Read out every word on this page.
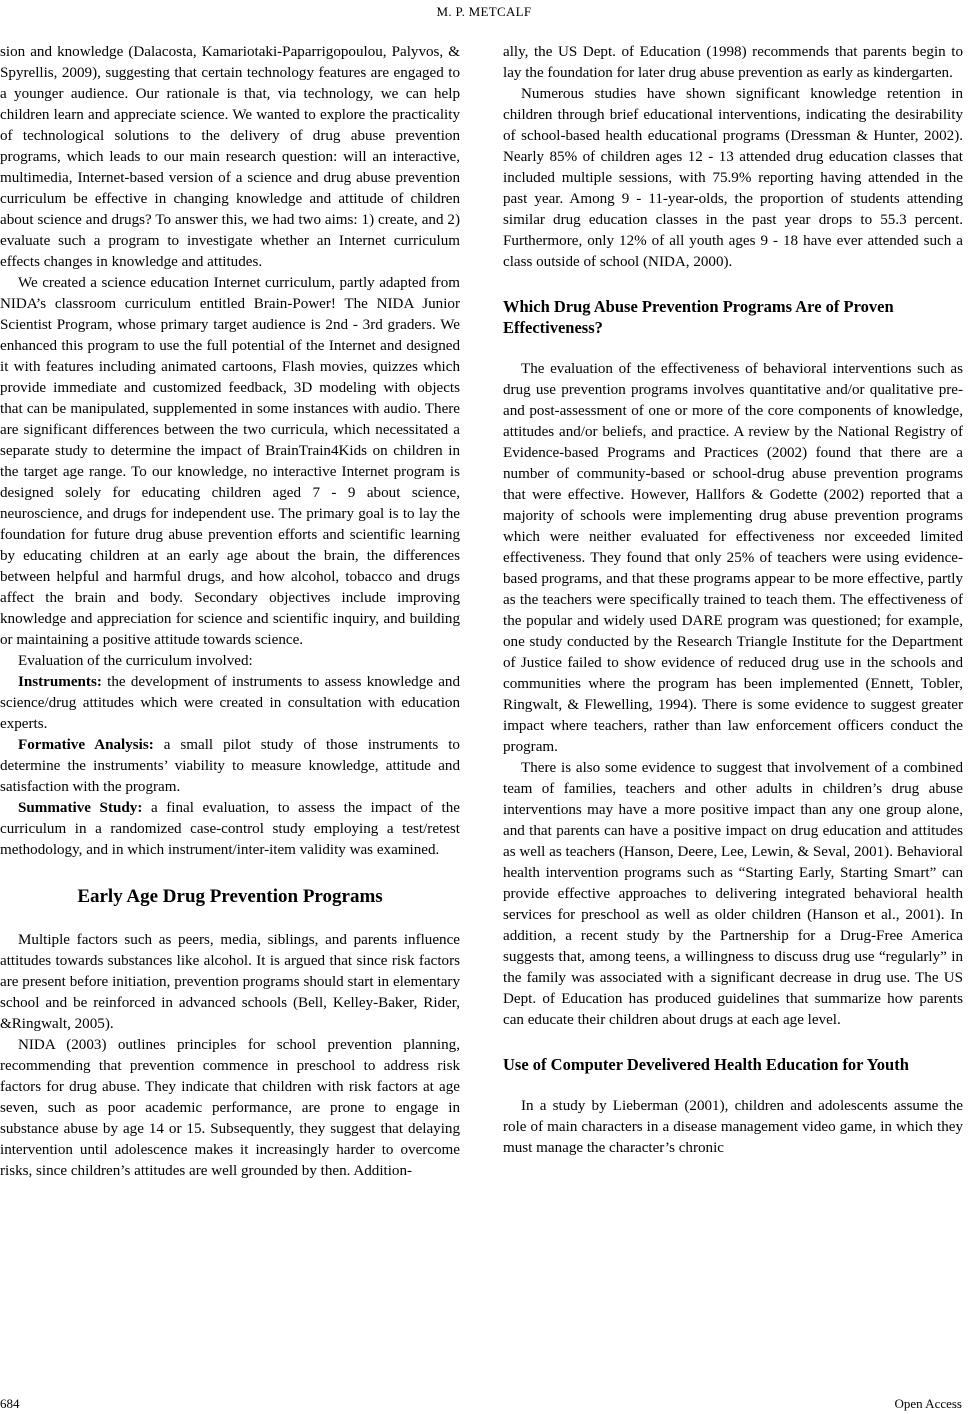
M. P. METCALF

sion and knowledge (Dalacosta, Kamariotaki-Paparrigopoulou, Palyvos, & Spyrellis, 2009), suggesting that certain technology features are engaged to a younger audience. Our rationale is that, via technology, we can help children learn and appreciate science. We wanted to explore the practicality of technological solutions to the delivery of drug abuse prevention programs, which leads to our main research question: will an interactive, multimedia, Internet-based version of a science and drug abuse prevention curriculum be effective in changing knowledge and attitude of children about science and drugs? To answer this, we had two aims: 1) create, and 2) evaluate such a program to investigate whether an Internet curriculum effects changes in knowledge and attitudes.

We created a science education Internet curriculum, partly adapted from NIDA’s classroom curriculum entitled Brain-Power! The NIDA Junior Scientist Program, whose primary target audience is 2nd - 3rd graders. We enhanced this program to use the full potential of the Internet and designed it with features including animated cartoons, Flash movies, quizzes which provide immediate and customized feedback, 3D modeling with objects that can be manipulated, supplemented in some instances with audio. There are significant differences between the two curricula, which necessitated a separate study to determine the impact of BrainTrain4Kids on children in the target age range. To our knowledge, no interactive Internet program is designed solely for educating children aged 7 - 9 about science, neuroscience, and drugs for independent use. The primary goal is to lay the foundation for future drug abuse prevention efforts and scientific learning by educating children at an early age about the brain, the differences between helpful and harmful drugs, and how alcohol, tobacco and drugs affect the brain and body. Secondary objectives include improving knowledge and appreciation for science and scientific inquiry, and building or maintaining a positive attitude towards science.

Evaluation of the curriculum involved:

Instruments: the development of instruments to assess knowledge and science/drug attitudes which were created in consultation with education experts.

Formative Analysis: a small pilot study of those instruments to determine the instruments’ viability to measure knowledge, attitude and satisfaction with the program.

Summative Study: a final evaluation, to assess the impact of the curriculum in a randomized case-control study employing a test/retest methodology, and in which instrument/inter-item validity was examined.

Early Age Drug Prevention Programs

Multiple factors such as peers, media, siblings, and parents influence attitudes towards substances like alcohol. It is argued that since risk factors are present before initiation, prevention programs should start in elementary school and be reinforced in advanced schools (Bell, Kelley-Baker, Rider, &Ringwalt, 2005).

NIDA (2003) outlines principles for school prevention planning, recommending that prevention commence in preschool to address risk factors for drug abuse. They indicate that children with risk factors at age seven, such as poor academic performance, are prone to engage in substance abuse by age 14 or 15. Subsequently, they suggest that delaying intervention until adolescence makes it increasingly harder to overcome risks, since children’s attitudes are well grounded by then. Addition-

ally, the US Dept. of Education (1998) recommends that parents begin to lay the foundation for later drug abuse prevention as early as kindergarten.

Numerous studies have shown significant knowledge retention in children through brief educational interventions, indicating the desirability of school-based health educational programs (Dressman & Hunter, 2002). Nearly 85% of children ages 12 - 13 attended drug education classes that included multiple sessions, with 75.9% reporting having attended in the past year. Among 9 - 11-year-olds, the proportion of students attending similar drug education classes in the past year drops to 55.3 percent. Furthermore, only 12% of all youth ages 9 - 18 have ever attended such a class outside of school (NIDA, 2000).

Which Drug Abuse Prevention Programs Are of Proven Effectiveness?

The evaluation of the effectiveness of behavioral interventions such as drug use prevention programs involves quantitative and/or qualitative pre-and post-assessment of one or more of the core components of knowledge, attitudes and/or beliefs, and practice. A review by the National Registry of Evidence-based Programs and Practices (2002) found that there are a number of community-based or school-drug abuse prevention programs that were effective. However, Hallfors & Godette (2002) reported that a majority of schools were implementing drug abuse prevention programs which were neither evaluated for effectiveness nor exceeded limited effectiveness. They found that only 25% of teachers were using evidence-based programs, and that these programs appear to be more effective, partly as the teachers were specifically trained to teach them. The effectiveness of the popular and widely used DARE program was questioned; for example, one study conducted by the Research Triangle Institute for the Department of Justice failed to show evidence of reduced drug use in the schools and communities where the program has been implemented (Ennett, Tobler, Ringwalt, & Flewelling, 1994). There is some evidence to suggest greater impact where teachers, rather than law enforcement officers conduct the program.

There is also some evidence to suggest that involvement of a combined team of families, teachers and other adults in children’s drug abuse interventions may have a more positive impact than any one group alone, and that parents can have a positive impact on drug education and attitudes as well as teachers (Hanson, Deere, Lee, Lewin, & Seval, 2001). Behavioral health intervention programs such as “Starting Early, Starting Smart” can provide effective approaches to delivering integrated behavioral health services for preschool as well as older children (Hanson et al., 2001). In addition, a recent study by the Partnership for a Drug-Free America suggests that, among teens, a willingness to discuss drug use “regularly” in the family was associated with a significant decrease in drug use. The US Dept. of Education has produced guidelines that summarize how parents can educate their children about drugs at each age level.

Use of Computer Develivered Health Education for Youth

In a study by Lieberman (2001), children and adolescents assume the role of main characters in a disease management video game, in which they must manage the character’s chronic

684	Open Access
